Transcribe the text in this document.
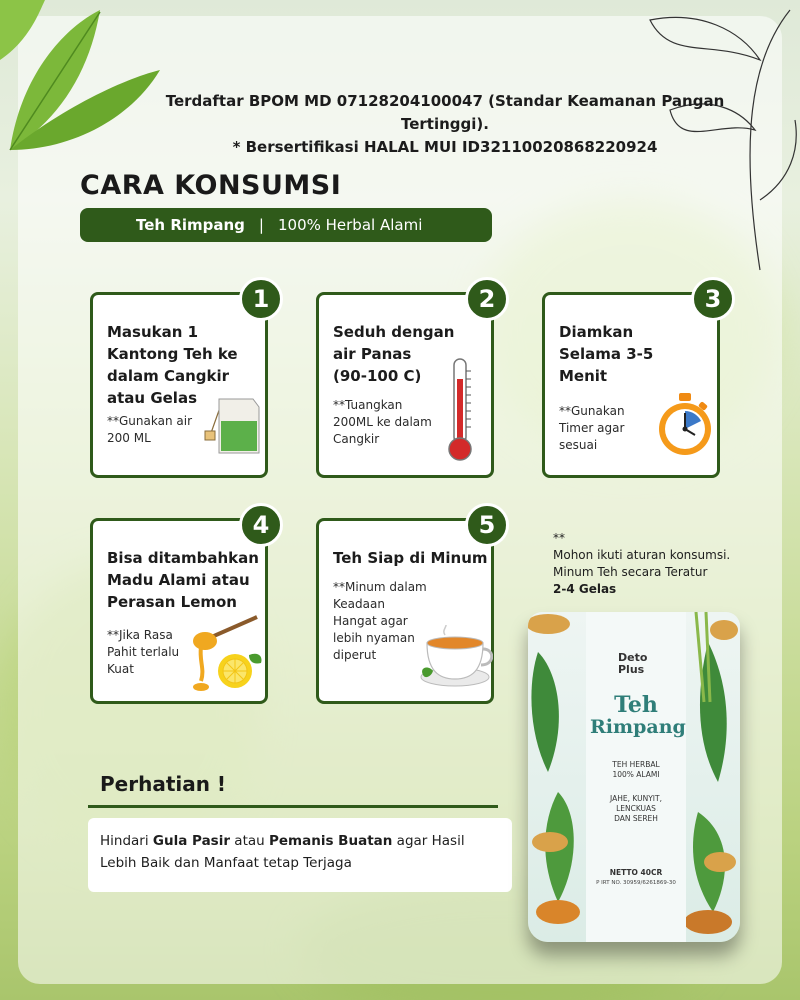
Terdaftar BPOM MD 07128204100047 (Standar Keamanan Pangan Tertinggi).
* Bersertifikasi HALAL MUI ID32110020868220924
CARA KONSUMSI
Teh Rimpang | 100% Herbal Alami
Masukan 1
Kantong Teh ke
dalam Cangkir
atau Gelas
**Gunakan air
200 ML
1
Seduh dengan
air Panas
(90-100 C)
**Tuangkan
200ML ke dalam
Cangkir
2
Diamkan
Selama 3-5
Menit
**Gunakan
Timer agar
sesuai
3
Bisa ditambahkan
Madu Alami atau
Perasan Lemon
**Jika Rasa
Pahit terlalu
Kuat
4
Teh Siap di Minum
**Minum dalam
Keadaan
Hangat agar
lebih nyaman
diperut
5	**
Mohon ikuti aturan konsumsi.
Minum Teh secara Teratur
2-4 Gelas
Perhatian !
Hindari Gula Pasir atau Pemanis Buatan agar Hasil Lebih Baik dan Manfaat tetap Terjaga
Deto
Plus
Teh
Rimpang
TEH HERBAL
100% ALAMI
JAHE, KUNYIT,
LENCKUAS
DAN SEREH
NETTO 40CR
P IRT NO. 30959/6261869-30
